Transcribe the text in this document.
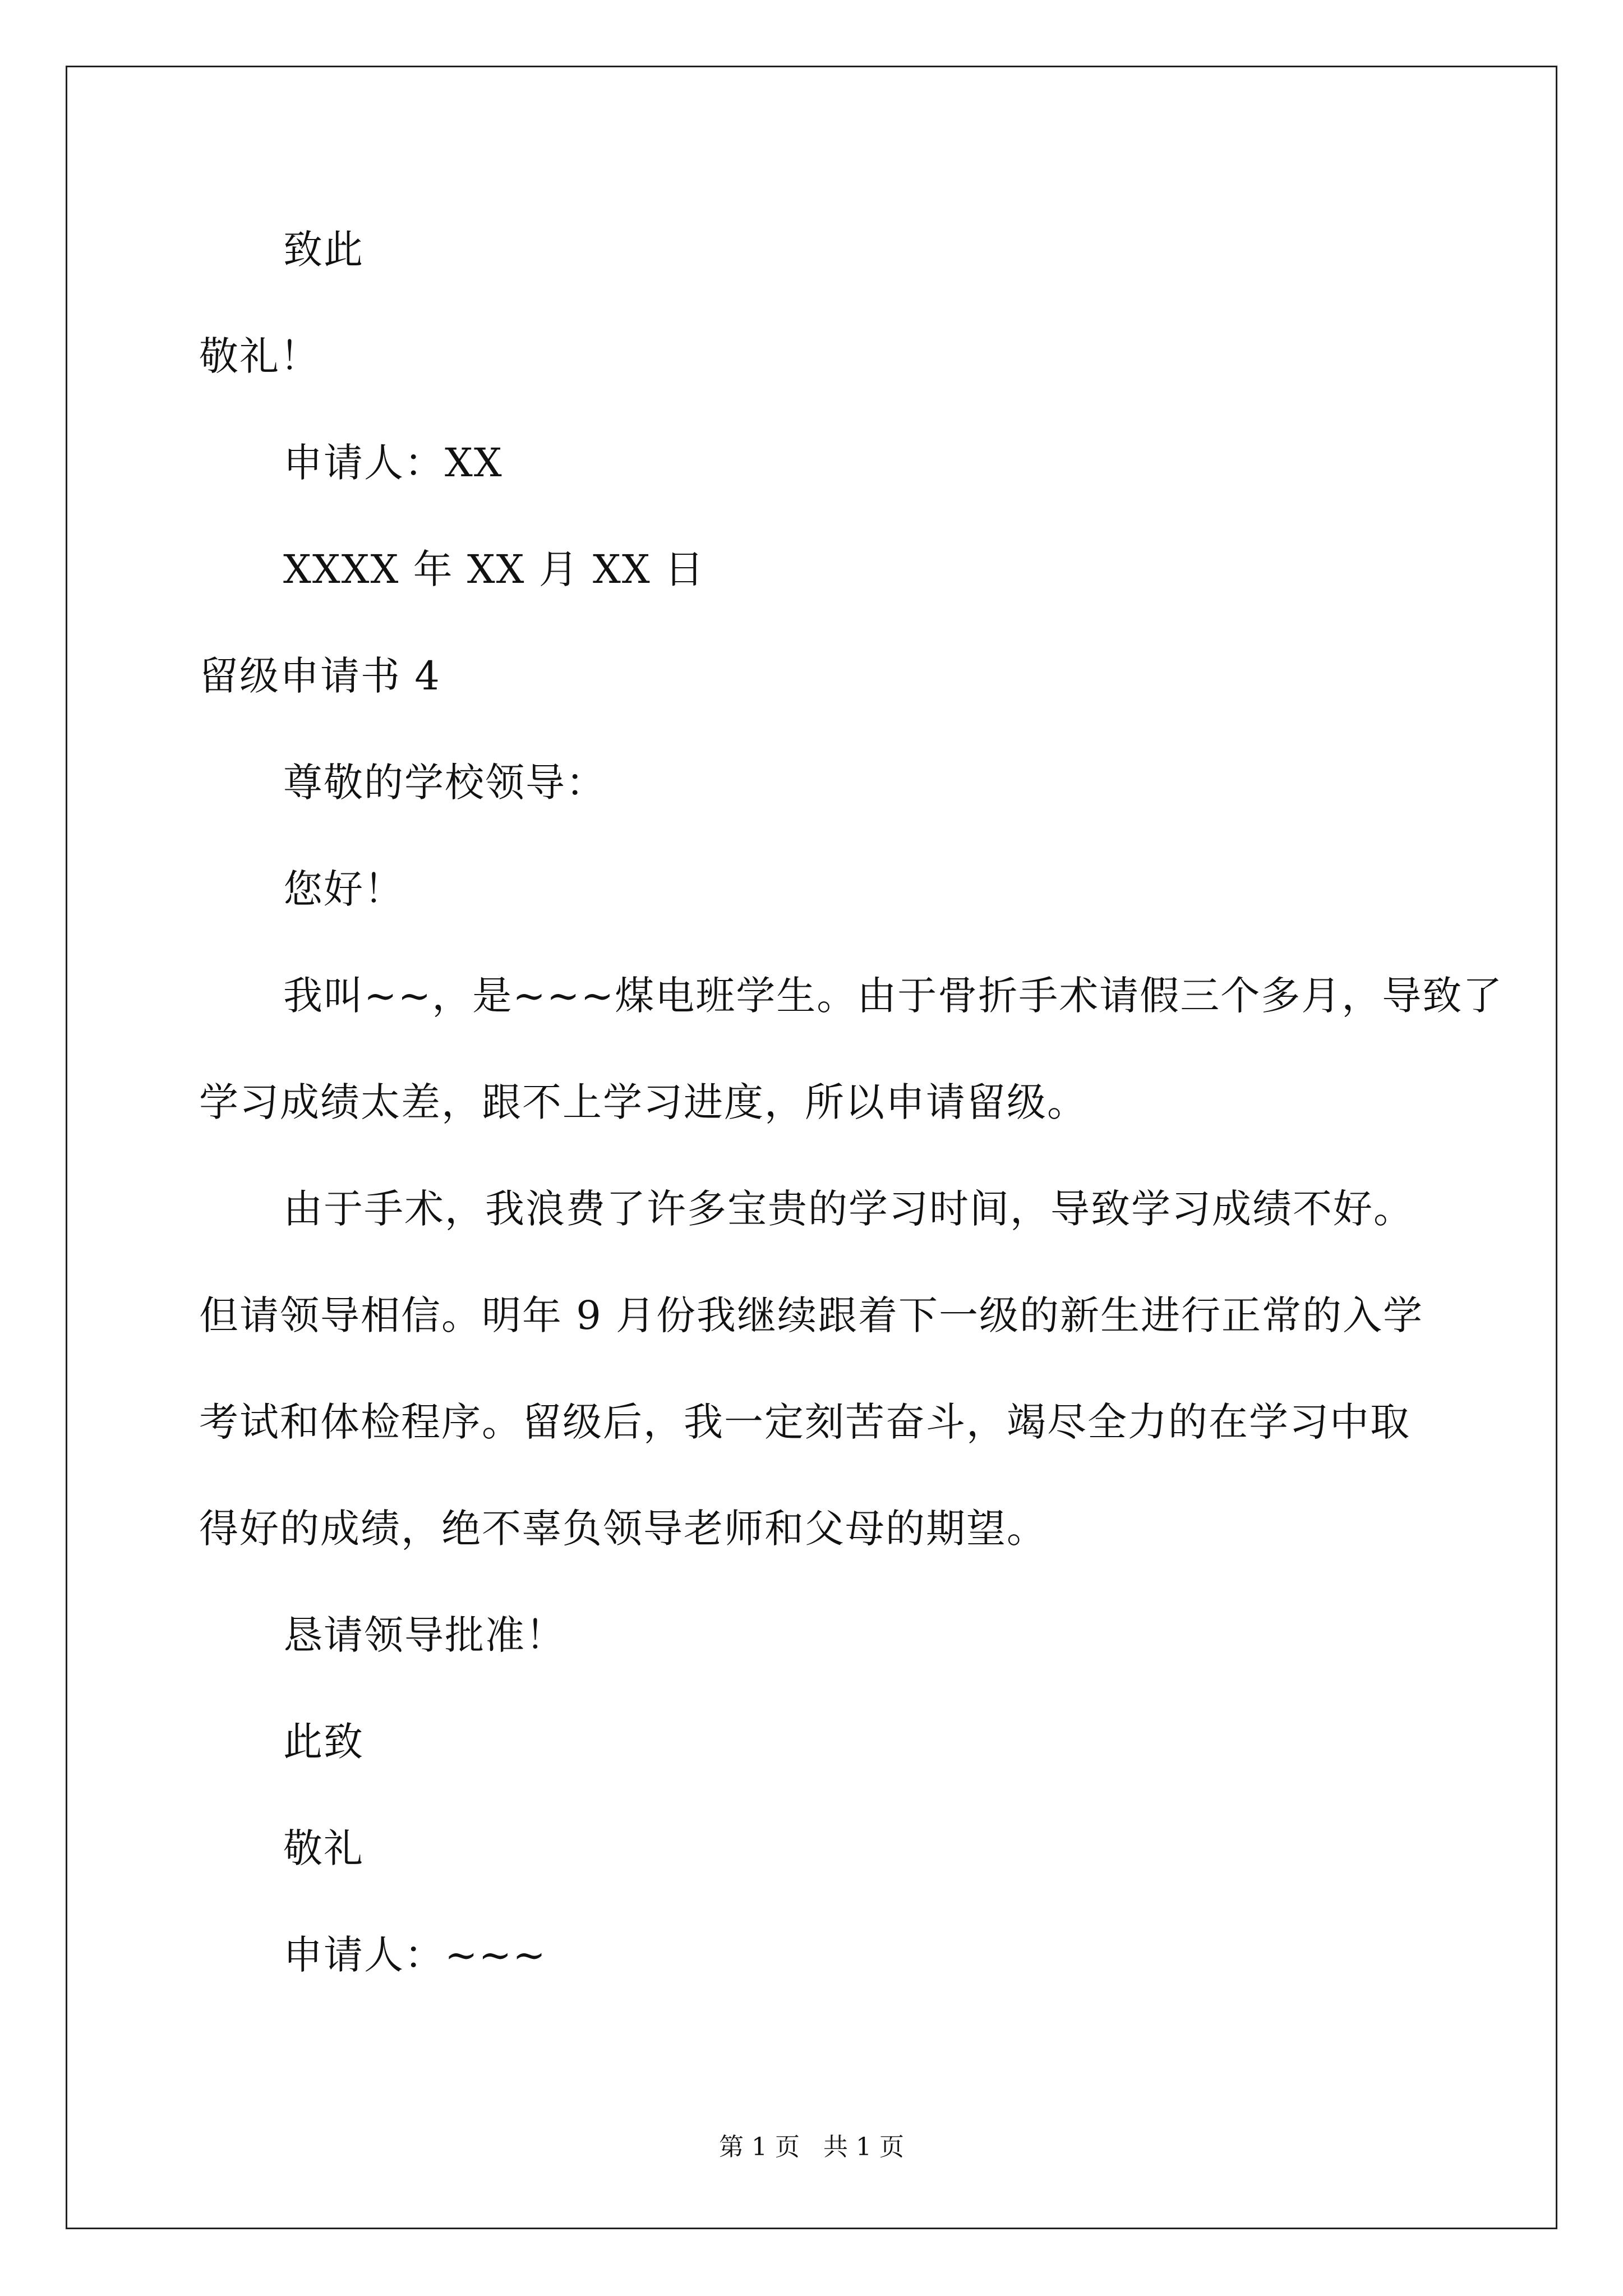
致此
敬礼！
申请人：XX
XXXX 年 XX 月 XX 日
留级申请书 4
尊敬的学校领导：
您好！
我叫~~，是~~~煤电班学生。由于骨折手术请假三个多月，导致了
学习成绩太差，跟不上学习进度，所以申请留级。
由于手术，我浪费了许多宝贵的学习时间，导致学习成绩不好。
但请领导相信。明年 9 月份我继续跟着下一级的新生进行正常的入学
考试和体检程序。留级后，我一定刻苦奋斗，竭尽全力的在学习中取
得好的成绩，绝不辜负领导老师和父母的期望。
恳请领导批准！
此致
敬礼
申请人：~~~
第 1 页   共 1 页
